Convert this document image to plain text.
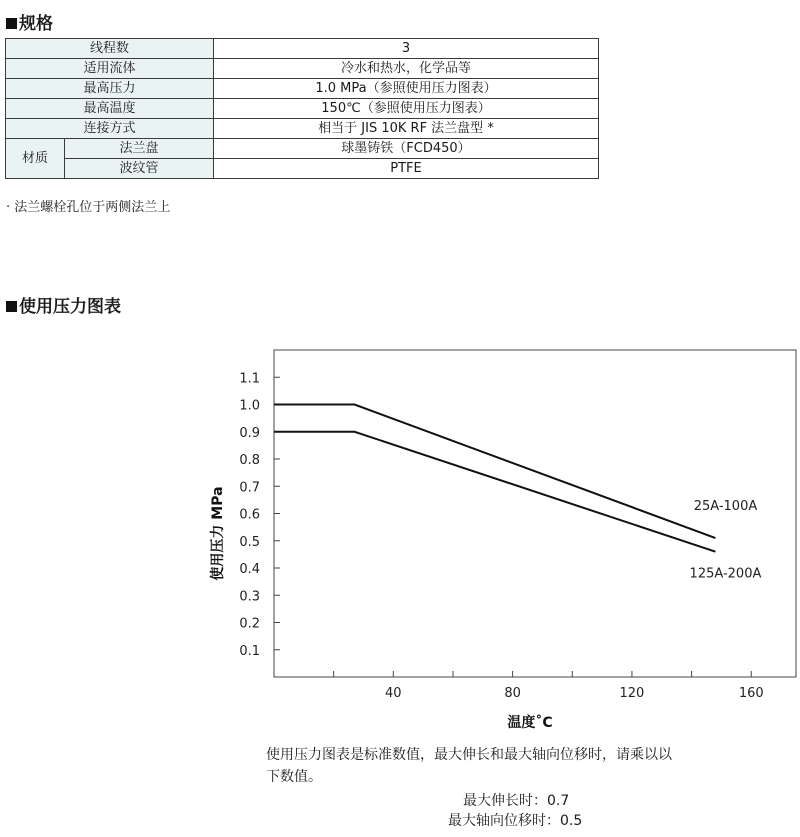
规格
线程数		3
适用流体		冷水和热水，化学品等
最高压力		1.0 MPa（参照使用压力图表）
最高温度		150℃（参照使用压力图表）
连接方式		相当于 JIS 10K RF 法兰盘型 *
材质	法兰盘	球墨铸铁（FCD450）
	波纹管	PTFE
· 法兰螺栓孔位于两侧法兰上
使用压力图表
0.1
0.2
0.3
0.4
0.5
0.6
0.7
0.8
0.9
1.0
1.1
40	80	120	160
25A-100A
125A-200A
温度˚C
使用压力 MPa
使用压力图表是标准数值，最大伸长和最大轴向位移时，请乘以以
下数值。
最大伸长时：0.7
最大轴向位移时：0.5
